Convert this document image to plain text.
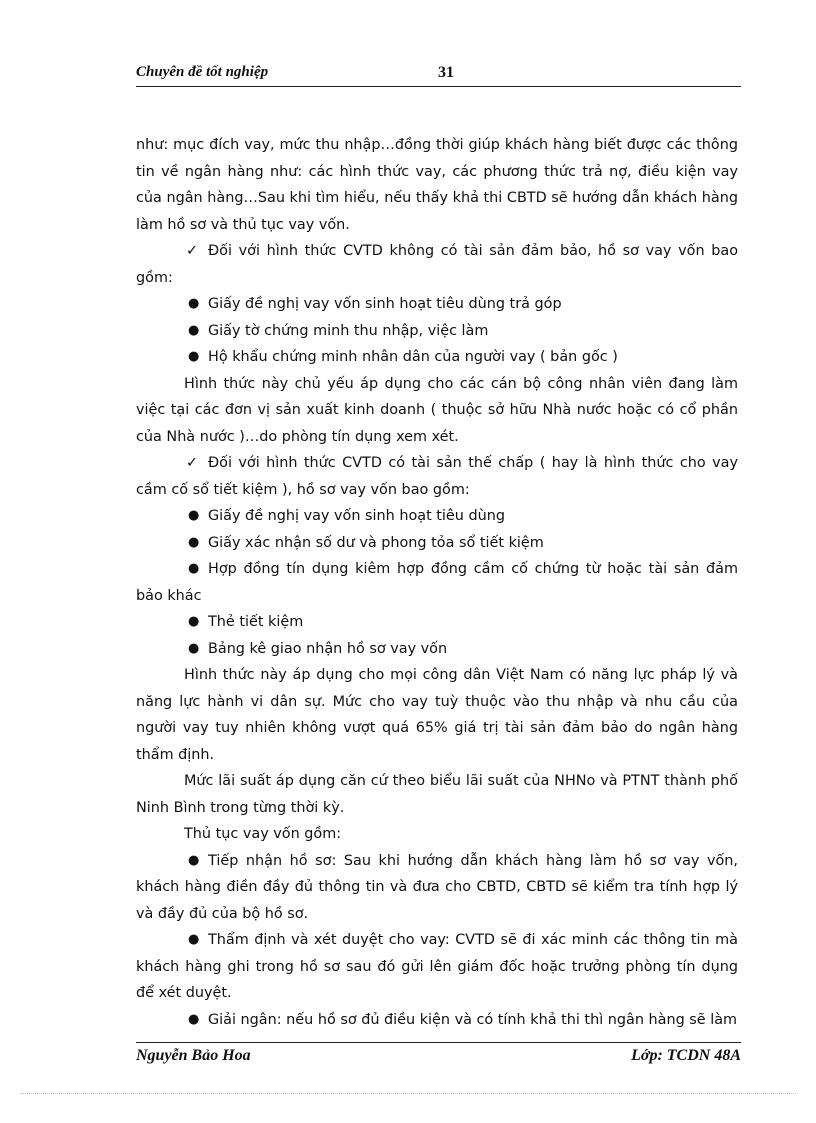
Chuyên đề tốt nghiệp	31

như: mục đích vay, mức thu nhập…đồng thời giúp khách hàng biết được các thông tin về ngân hàng như: các hình thức vay, các phương thức trả nợ, điều kiện vay của ngân hàng…Sau khi tìm hiểu, nếu thấy khả thi CBTD sẽ hướng dẫn khách hàng làm hồ sơ và thủ tục vay vốn.

✓ Đối với hình thức CVTD không có tài sản đảm bảo, hồ sơ vay vốn bao gồm:

● Giấy đề nghị vay vốn sinh hoạt tiêu dùng trả góp

● Giấy tờ chứng minh thu nhập, việc làm

● Hộ khẩu chứng minh nhân dân của người vay ( bản gốc )

Hình thức này chủ yếu áp dụng cho các cán bộ công nhân viên đang làm việc tại các đơn vị sản xuất kinh doanh ( thuộc sở hữu Nhà nước hoặc có cổ phần của Nhà nước )…do phòng tín dụng xem xét.

✓ Đối với hình thức CVTD có tài sản thế chấp ( hay là hình thức cho vay cầm cố sổ tiết kiệm ), hồ sơ vay vốn bao gồm:

● Giấy đề nghị vay vốn sinh hoạt tiêu dùng

● Giấy xác nhận số dư và phong tỏa sổ tiết kiệm

● Hợp đồng tín dụng kiêm hợp đồng cầm cố chứng từ hoặc tài sản đảm bảo khác

● Thẻ tiết kiệm

● Bảng kê giao nhận hồ sơ vay vốn

Hình thức này áp dụng cho mọi công dân Việt Nam có năng lực pháp lý và năng lực hành vi dân sự. Mức cho vay tuỳ thuộc vào thu nhập và nhu cầu của người vay tuy nhiên không vượt quá 65% giá trị tài sản đảm bảo do ngân hàng thẩm định.

Mức lãi suất áp dụng căn cứ theo biểu lãi suất của NHNo và PTNT thành phố Ninh Bình trong từng thời kỳ.

Thủ tục vay vốn gồm:

● Tiếp nhận hồ sơ: Sau khi hướng dẫn khách hàng làm hồ sơ vay vốn, khách hàng điền đầy đủ thông tin và đưa cho CBTD, CBTD sẽ kiểm tra tính hợp lý và đầy đủ của bộ hồ sơ.

● Thẩm định và xét duyệt cho vay: CVTD sẽ đi xác minh các thông tin mà khách hàng ghi trong hồ sơ sau đó gửi lên giám đốc hoặc trưởng phòng tín dụng để xét duyệt.

● Giải ngân: nếu hồ sơ đủ điều kiện và có tính khả thi thì ngân hàng sẽ làm

Nguyễn Bảo Hoa	Lớp: TCDN 48A
